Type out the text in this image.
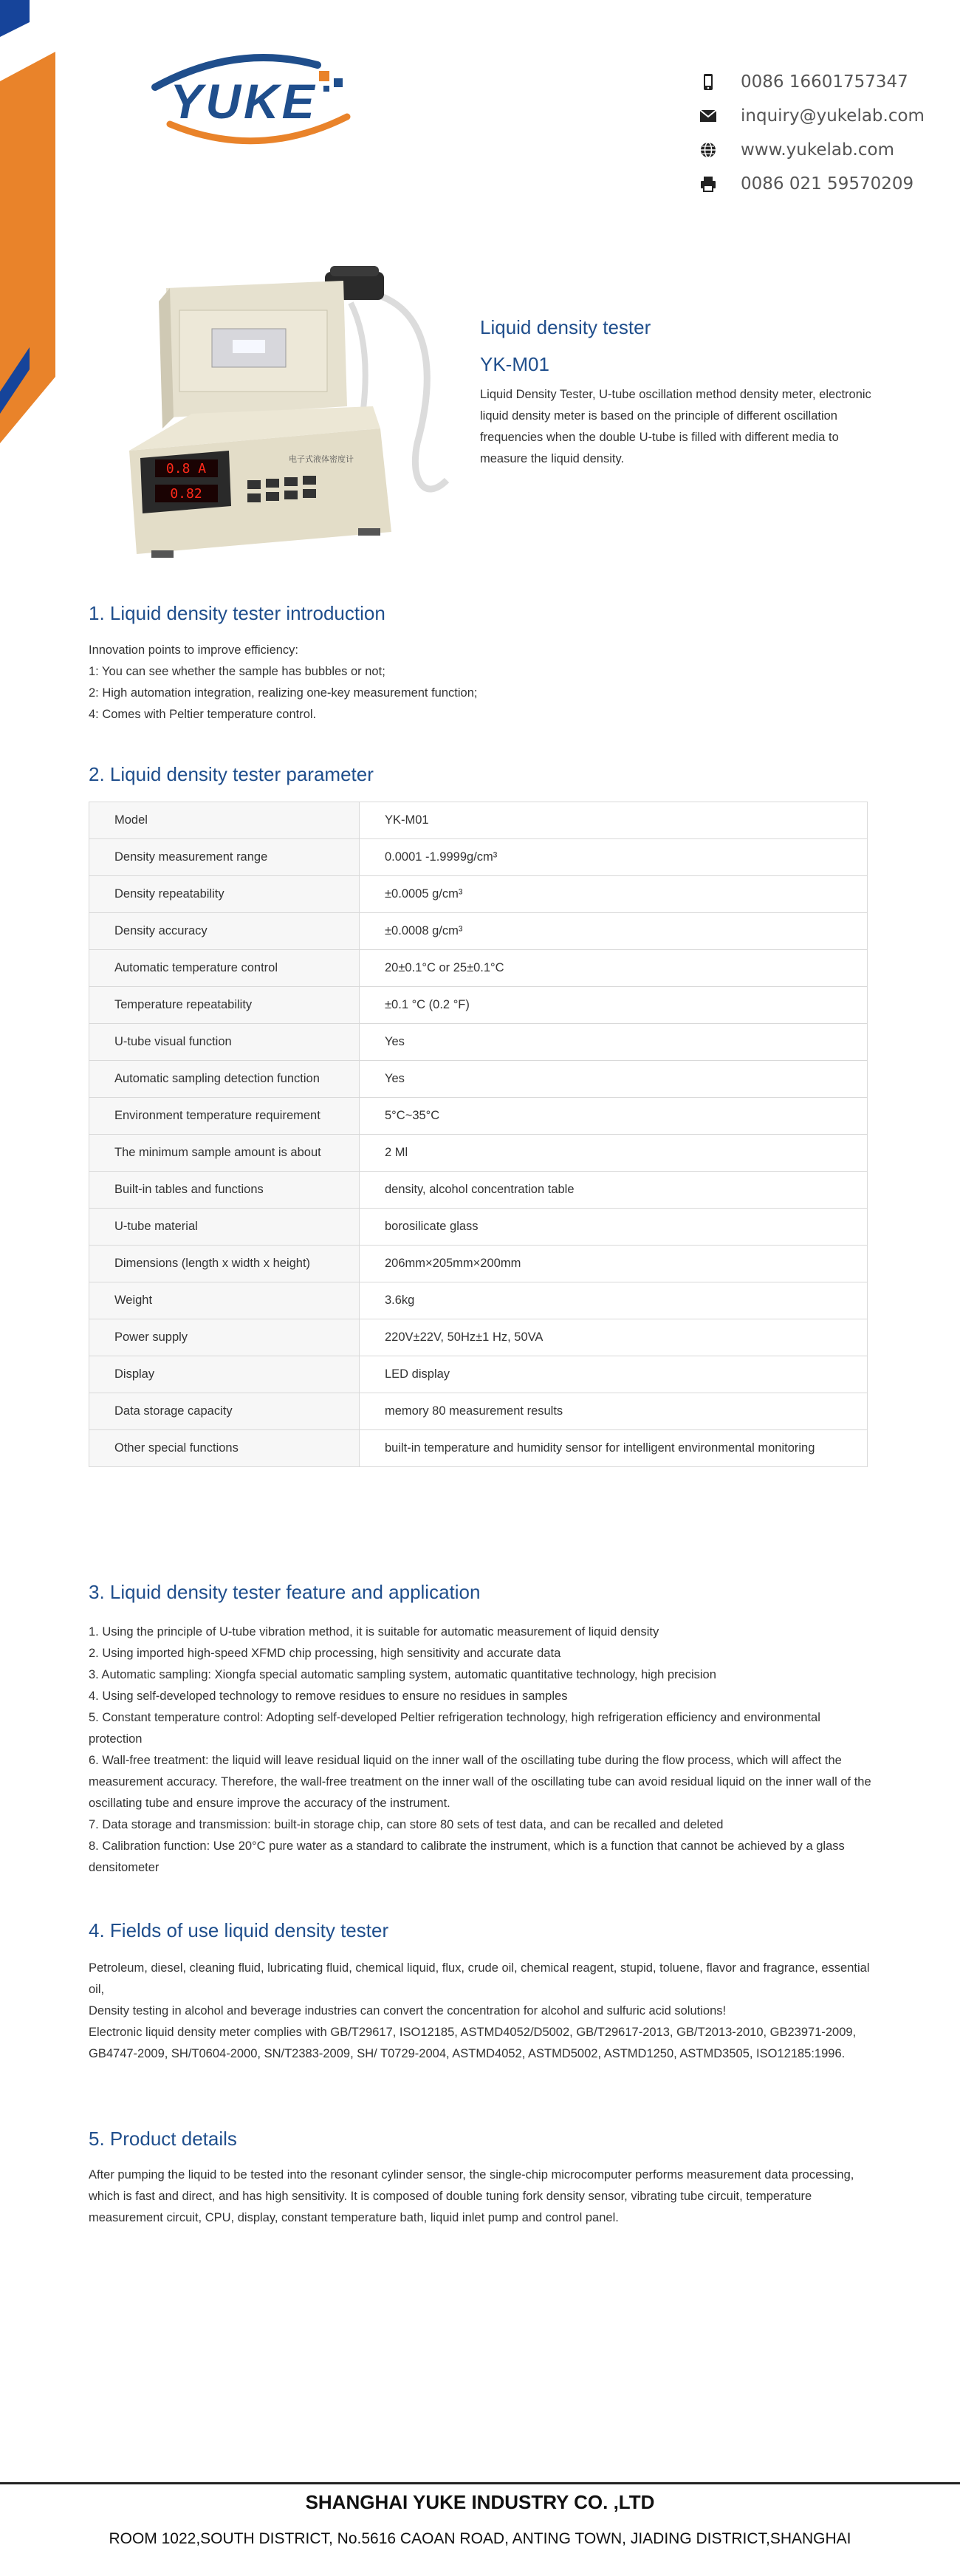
YUKE	0086 16601757347
inquiry@yukelab.com
www.yukelab.com
0086 021 59570209
0.8 A
0.82
电子式液体密度计
Liquid density tester
YK-M01
Liquid Density Tester, U-tube oscillation method density meter, electronic liquid density meter is based on the principle of different oscillation frequencies when the double U-tube is filled with different media to measure the liquid density.
1. Liquid density tester introduction

Innovation points to improve efficiency:

1: You can see whether the sample has bubbles or not;

2: High automation integration, realizing one-key measurement function;

4: Comes with Peltier temperature control.

2. Liquid density tester parameter
Model	YK-M01
Density measurement range	0.0001 -1.9999g/cm³
Density repeatability	±0.0005 g/cm³
Density accuracy	±0.0008 g/cm³
Automatic temperature control	20±0.1°C or 25±0.1°C
Temperature repeatability	±0.1 °C (0.2 °F)
U-tube visual function	Yes
Automatic sampling detection function	Yes
Environment temperature requirement	5°C~35°C
The minimum sample amount is about	2 Ml
Built-in tables and functions	density, alcohol concentration table
U-tube material	borosilicate glass
Dimensions (length x width x height)	206mm×205mm×200mm
Weight	3.6kg
Power supply	220V±22V, 50Hz±1 Hz, 50VA
Display	LED display
Data storage capacity	memory 80 measurement results
Other special functions	built-in temperature and humidity sensor for intelligent environmental monitoring
3. Liquid density tester feature and application

1. Using the principle of U-tube vibration method, it is suitable for automatic measurement of liquid density

2. Using imported high-speed XFMD chip processing, high sensitivity and accurate data

3. Automatic sampling: Xiongfa special automatic sampling system, automatic quantitative technology, high precision

4. Using self-developed technology to remove residues to ensure no residues in samples

5. Constant temperature control: Adopting self-developed Peltier refrigeration technology, high refrigeration efficiency and environmental protection

6. Wall-free treatment: the liquid will leave residual liquid on the inner wall of the oscillating tube during the flow process, which will affect the measurement accuracy. Therefore, the wall-free treatment on the inner wall of the oscillating tube can avoid residual liquid on the inner wall of the oscillating tube and ensure improve the accuracy of the instrument.

7. Data storage and transmission: built-in storage chip, can store 80 sets of test data, and can be recalled and deleted

8. Calibration function: Use 20°C pure water as a standard to calibrate the instrument, which is a function that cannot be achieved by a glass densitometer

4. Fields of use liquid density tester

Petroleum, diesel, cleaning fluid, lubricating fluid, chemical liquid, flux, crude oil, chemical reagent, stupid, toluene, flavor and fragrance, essential oil,

Density testing in alcohol and beverage industries can convert the concentration for alcohol and sulfuric acid solutions!

Electronic liquid density meter complies with GB/T29617, ISO12185, ASTMD4052/D5002, GB/T29617-2013, GB/T2013-2010, GB23971-2009, GB4747-2009, SH/T0604-2000, SN/T2383-2009, SH/ T0729-2004, ASTMD4052, ASTMD5002, ASTMD1250, ASTMD3505, ISO12185:1996.

5. Product details

After pumping the liquid to be tested into the resonant cylinder sensor, the single-chip microcomputer performs measurement data processing, which is fast and direct, and has high sensitivity. It is composed of double tuning fork density sensor, vibrating tube circuit, temperature measurement circuit, CPU, display, constant temperature bath, liquid inlet pump and control panel.

SHANGHAI YUKE INDUSTRY CO. ,LTD
ROOM 1022,SOUTH DISTRICT, No.5616 CAOAN ROAD, ANTING TOWN, JIADING DISTRICT,SHANGHAI
